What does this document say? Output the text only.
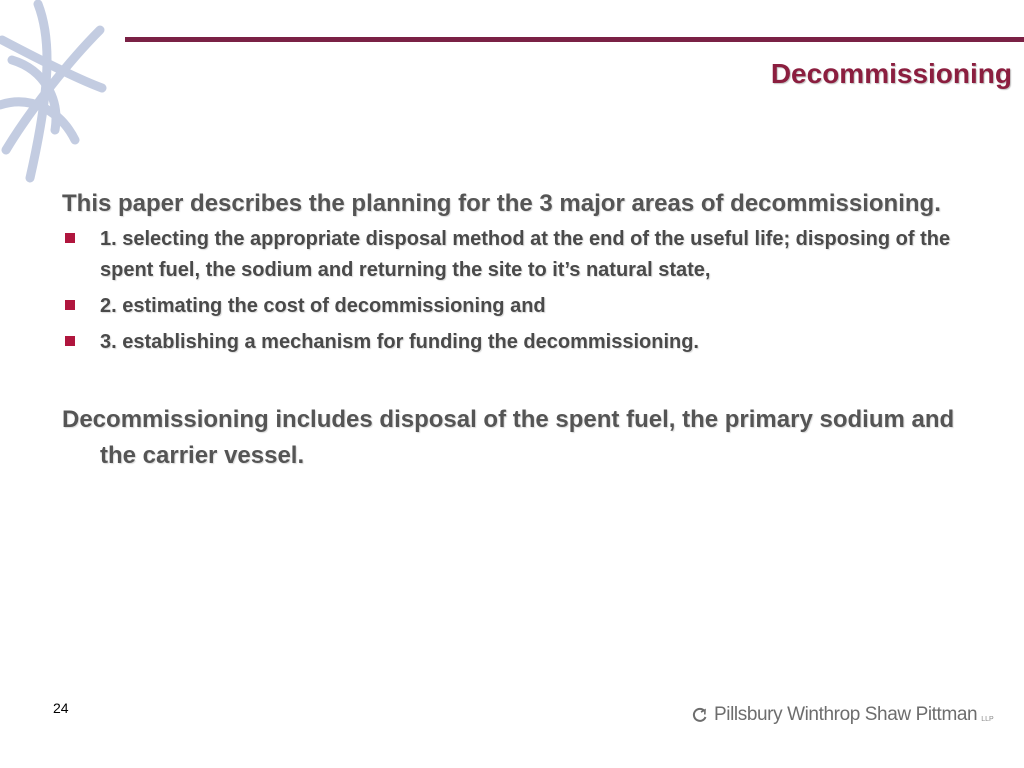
Decommissioning

This paper describes the planning for the 3 major areas of decommissioning.

1. selecting the appropriate disposal method at the end of the useful life; disposing of the spent fuel, the sodium and returning the site to it’s natural state,
2. estimating the cost of decommissioning and
3. establishing a mechanism for funding the decommissioning.

Decommissioning includes disposal of the spent fuel, the primary sodium and the carrier vessel.

24	Pillsbury Winthrop Shaw Pittman LLP
